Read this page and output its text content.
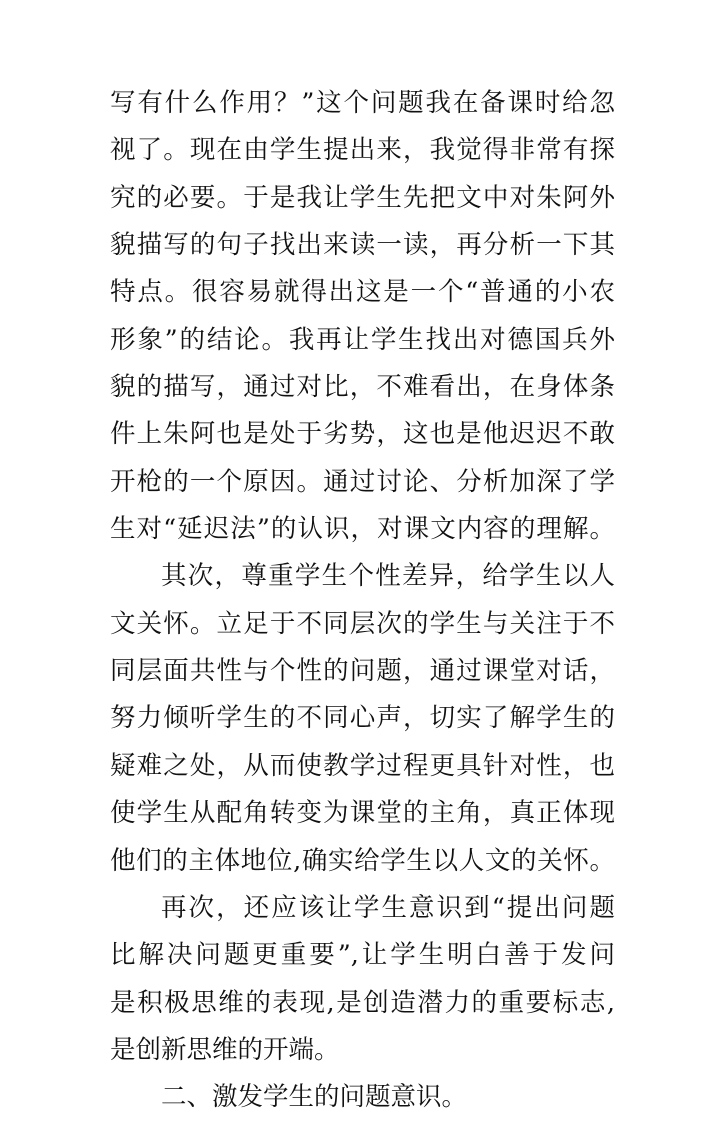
写有什么作用？”这个问题我在备课时给忽
视了。现在由学生提出来，我觉得非常有探
究的必要。于是我让学生先把文中对朱阿外
貌描写的句子找出来读一读，再分析一下其
特点。很容易就得出这是一个“普通的小农
形象”的结论。我再让学生找出对德国兵外
貌的描写，通过对比，不难看出，在身体条
件上朱阿也是处于劣势，这也是他迟迟不敢
开枪的一个原因。通过讨论、分析加深了学
生对“延迟法”的认识，对课文内容的理解。
其次，尊重学生个性差异，给学生以人
文关怀。立足于不同层次的学生与关注于不
同层面共性与个性的问题，通过课堂对话，
努力倾听学生的不同心声，切实了解学生的
疑难之处，从而使教学过程更具针对性，也
使学生从配角转变为课堂的主角，真正体现
他们的主体地位,确实给学生以人文的关怀。
再次，还应该让学生意识到“提出问题
比解决问题更重要”,让学生明白善于发问
是积极思维的表现,是创造潜力的重要标志,
是创新思维的开端。
二、激发学生的问题意识。
